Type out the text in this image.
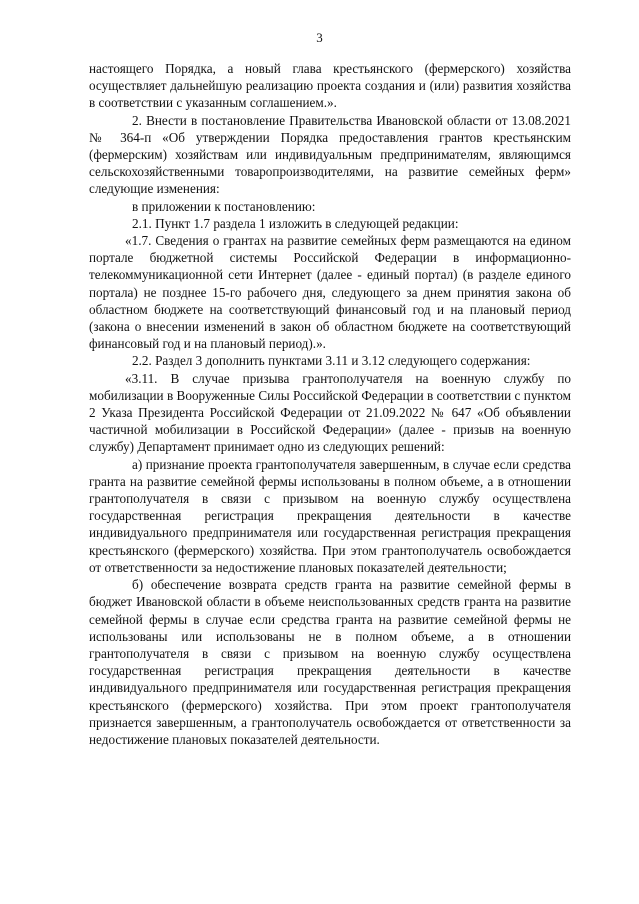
3

настоящего Порядка, а новый глава крестьянского (фермерского) хозяйства осуществляет дальнейшую реализацию проекта создания и (или) развития хозяйства в соответствии с указанным соглашением.».

2. Внести в постановление Правительства Ивановской области от 13.08.2021 № 364-п «Об утверждении Порядка предоставления грантов крестьянским (фермерским) хозяйствам или индивидуальным предпринимателям, являющимся сельскохозяйственными товаропроизводителями, на развитие семейных ферм» следующие изменения:

в приложении к постановлению:

2.1. Пункт 1.7 раздела 1 изложить в следующей редакции:

«1.7. Сведения о грантах на развитие семейных ферм размещаются на едином портале бюджетной системы Российской Федерации в информационно-телекоммуникационной сети Интернет (далее - единый портал) (в разделе единого портала) не позднее 15-го рабочего дня, следующего за днем принятия закона об областном бюджете на соответствующий финансовый год и на плановый период (закона о внесении изменений в закон об областном бюджете на соответствующий финансовый год и на плановый период).».

2.2. Раздел 3 дополнить пунктами 3.11 и 3.12 следующего содержания:

«3.11. В случае призыва грантополучателя на военную службу по мобилизации в Вооруженные Силы Российской Федерации в соответствии с пунктом 2 Указа Президента Российской Федерации от 21.09.2022 № 647 «Об объявлении частичной мобилизации в Российской Федерации» (далее - призыв на военную службу) Департамент принимает одно из следующих решений:

а) признание проекта грантополучателя завершенным, в случае если средства гранта на развитие семейной фермы использованы в полном объеме, а в отношении грантополучателя в связи с призывом на военную службу осуществлена государственная регистрация прекращения деятельности в качестве индивидуального предпринимателя или государственная регистрация прекращения крестьянского (фермерского) хозяйства. При этом грантополучатель освобождается от ответственности за недостижение плановых показателей деятельности;

б) обеспечение возврата средств гранта на развитие семейной фермы в бюджет Ивановской области в объеме неиспользованных средств гранта на развитие семейной фермы в случае если средства гранта на развитие семейной фермы не использованы или использованы не в полном объеме, а в отношении грантополучателя в связи с призывом на военную службу осуществлена государственная регистрация прекращения деятельности в качестве индивидуального предпринимателя или государственная регистрация прекращения крестьянского (фермерского) хозяйства. При этом проект грантополучателя признается завершенным, а грантополучатель освобождается от ответственности за недостижение плановых показателей деятельности.
